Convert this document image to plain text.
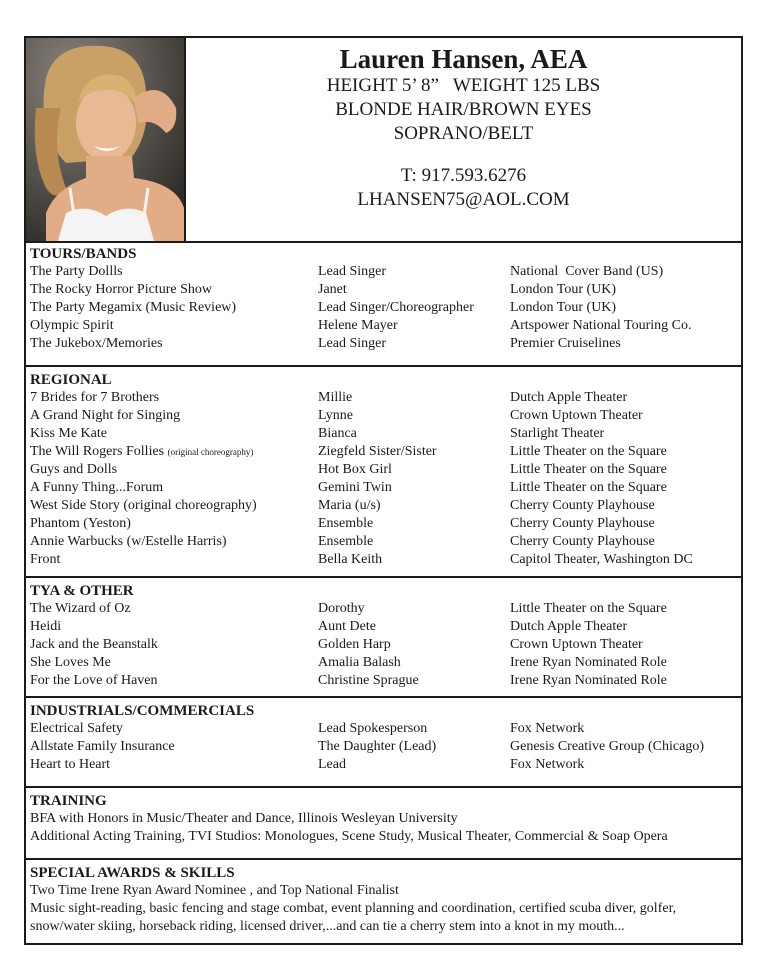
Lauren Hansen, AEA
HEIGHT 5’ 8”   WEIGHT 125 LBS
BLONDE HAIR/BROWN EYES
SOPRANO/BELT
T: 917.593.6276
LHANSEN75@AOL.COM
TOURS/BANDS
The Party Dollls	Lead Singer	National  Cover Band (US)
The Rocky Horror Picture Show	Janet	London Tour (UK)
The Party Megamix (Music Review)	Lead Singer/Choreographer	London Tour (UK)
Olympic Spirit	Helene Mayer	Artspower National Touring Co.
The Jukebox/Memories	Lead Singer	Premier Cruiselines
REGIONAL
7 Brides for 7 Brothers	Millie	Dutch Apple Theater
A Grand Night for Singing	Lynne	Crown Uptown Theater
Kiss Me Kate	Bianca	Starlight Theater
The Will Rogers Follies (original choreography)	Ziegfeld Sister/Sister	Little Theater on the Square
Guys and Dolls	Hot Box Girl	Little Theater on the Square
A Funny Thing...Forum	Gemini Twin	Little Theater on the Square
West Side Story (original choreography)	Maria (u/s)	Cherry County Playhouse
Phantom (Yeston)	Ensemble	Cherry County Playhouse
Annie Warbucks (w/Estelle Harris)	Ensemble	Cherry County Playhouse
Front	Bella Keith	Capitol Theater, Washington DC
TYA & OTHER
The Wizard of Oz	Dorothy	Little Theater on the Square
Heidi	Aunt Dete	Dutch Apple Theater
Jack and the Beanstalk	Golden Harp	Crown Uptown Theater
She Loves Me	Amalia Balash	Irene Ryan Nominated Role
For the Love of Haven	Christine Sprague	Irene Ryan Nominated Role
INDUSTRIALS/COMMERCIALS
Electrical Safety	Lead Spokesperson	Fox Network
Allstate Family Insurance	The Daughter (Lead)	Genesis Creative Group (Chicago)
Heart to Heart	Lead	Fox Network
TRAINING
BFA with Honors in Music/Theater and Dance, Illinois Wesleyan University
Additional Acting Training, TVI Studios: Monologues, Scene Study, Musical Theater, Commercial & Soap Opera
SPECIAL AWARDS & SKILLS
Two Time Irene Ryan Award Nominee , and Top National Finalist
Music sight-reading, basic fencing and stage combat, event planning and coordination, certified scuba diver, golfer, snow/water skiing, horseback riding, licensed driver,...and can tie a cherry stem into a knot in my mouth...
